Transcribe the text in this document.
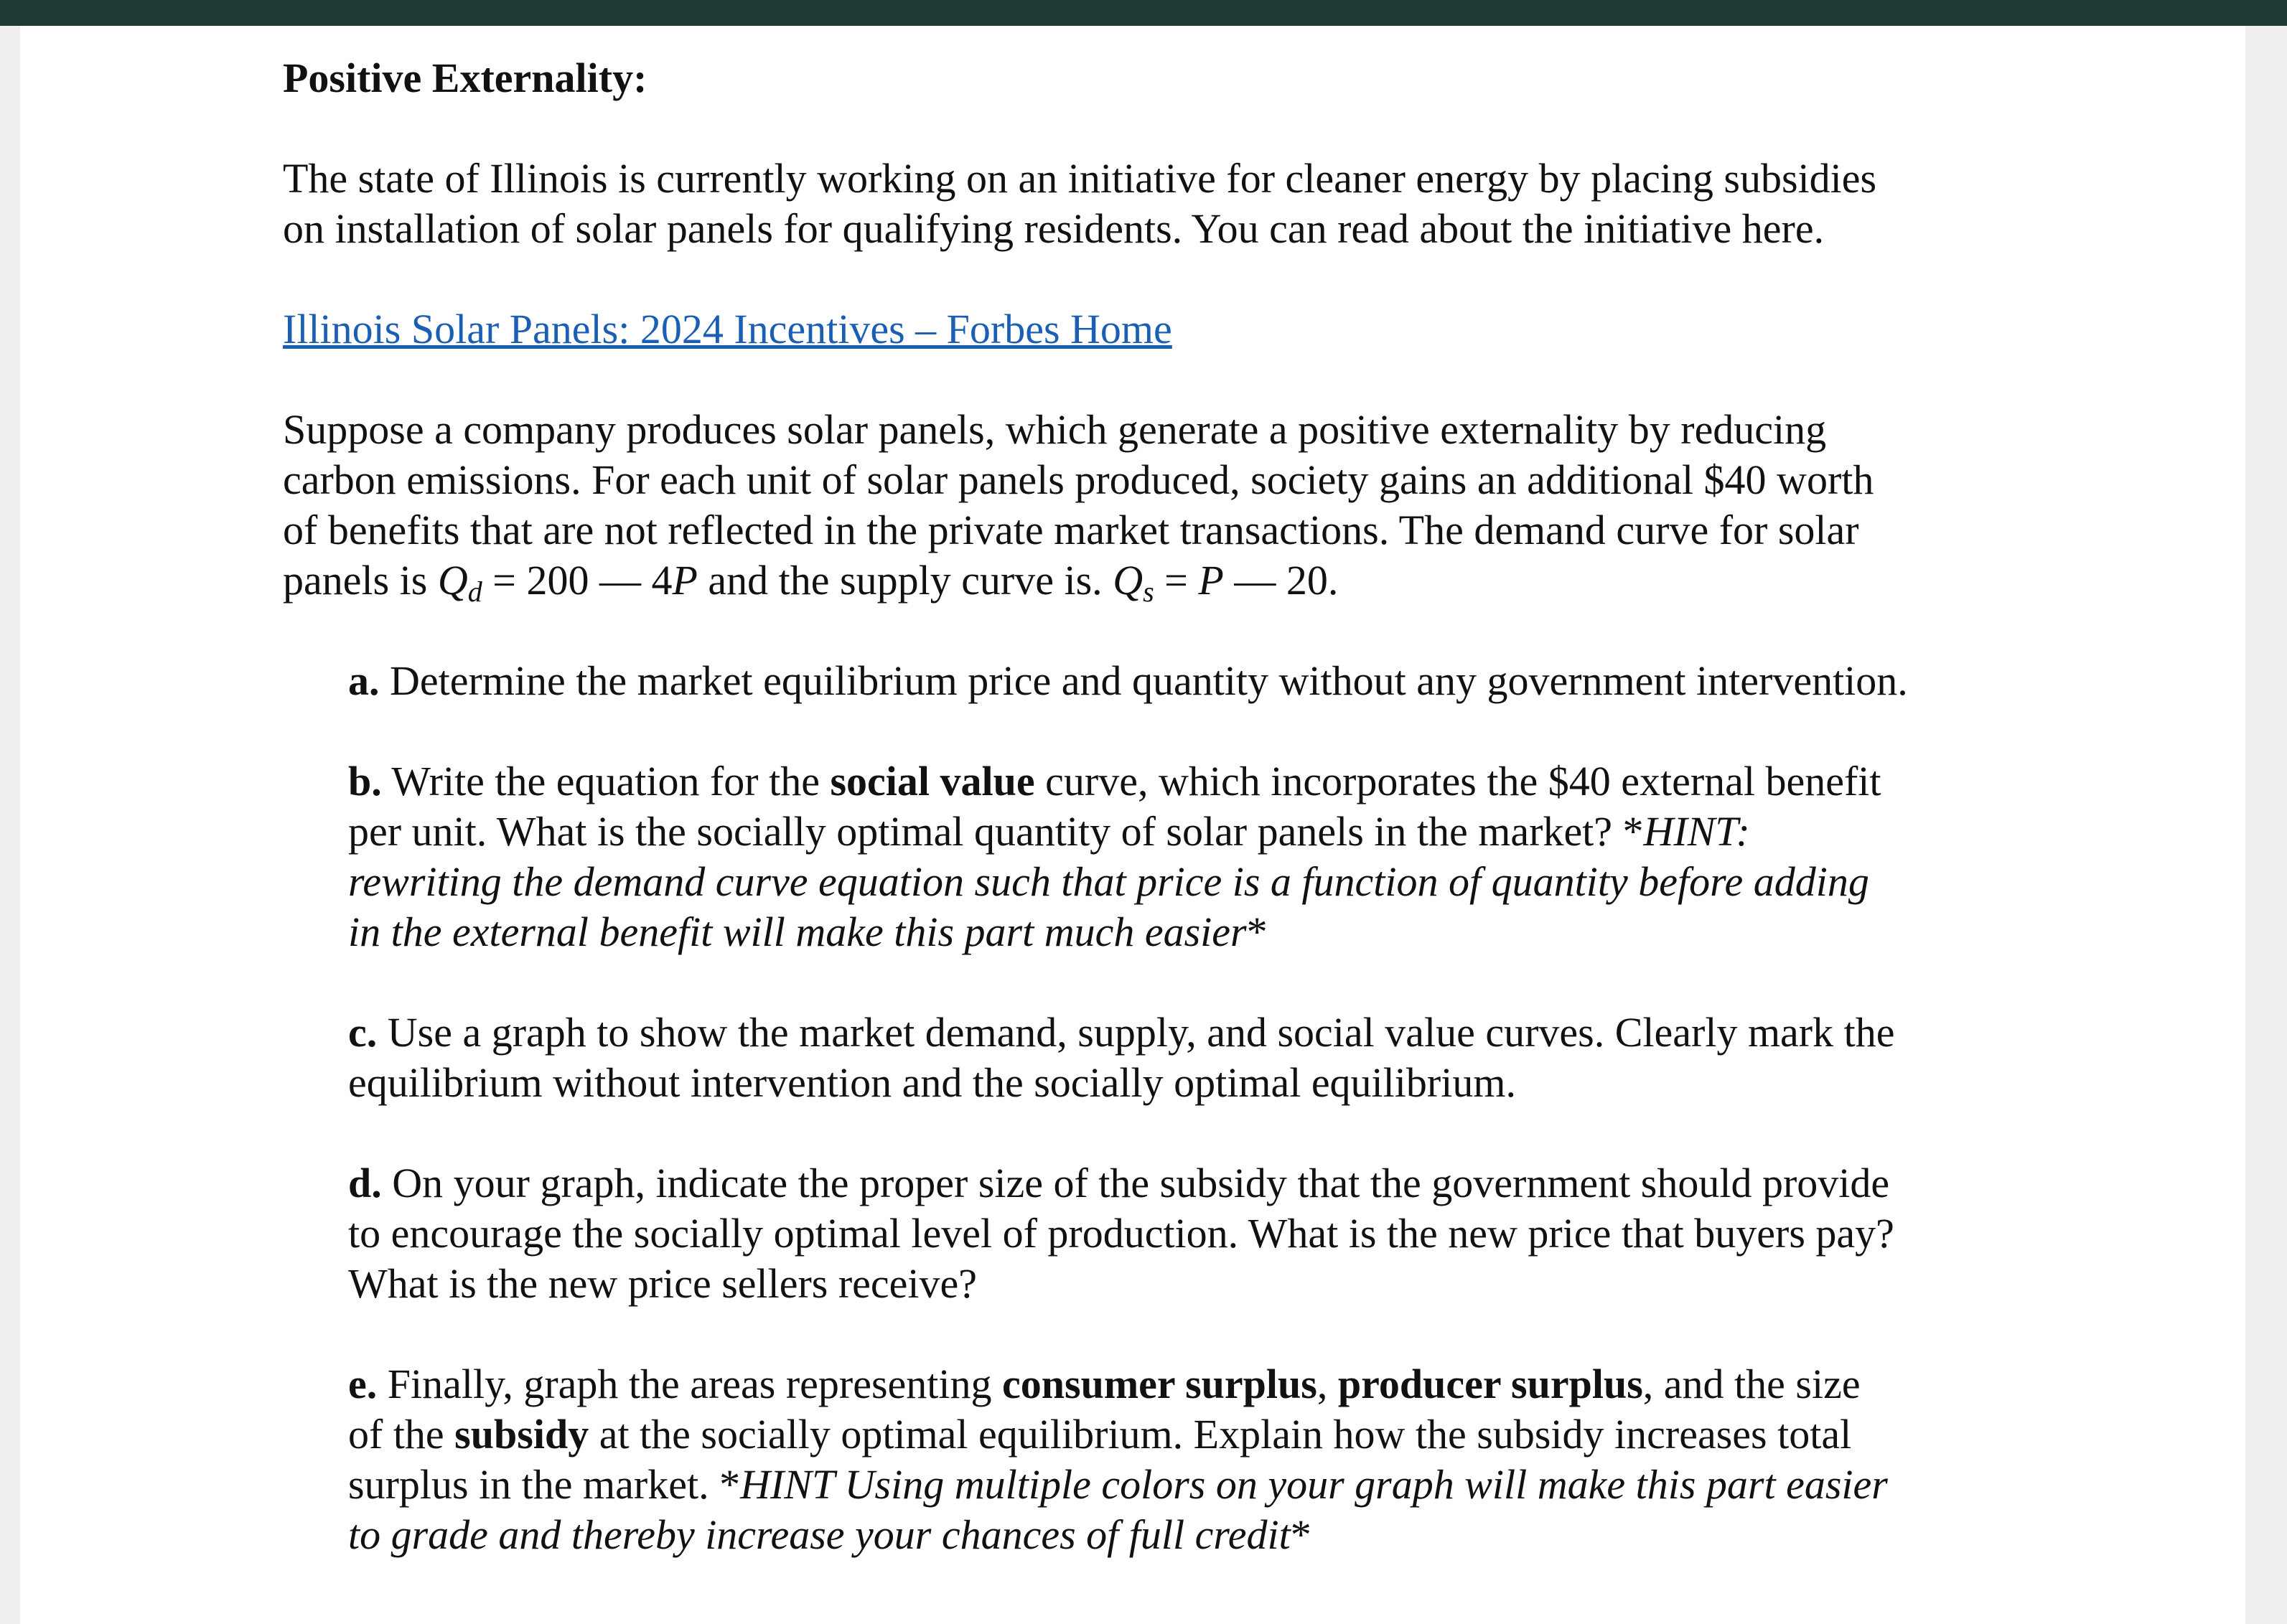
Positive Externality:

The state of Illinois is currently working on an initiative for cleaner energy by placing subsidies
on installation of solar panels for qualifying residents. You can read about the initiative here.

Illinois Solar Panels: 2024 Incentives – Forbes Home

Suppose a company produces solar panels, which generate a positive externality by reducing
carbon emissions. For each unit of solar panels produced, society gains an additional $40 worth
of benefits that are not reflected in the private market transactions. The demand curve for solar
panels is $Q_d = 200$ — 4P and the supply curve is. $Q_s = P$ — 20.

a. Determine the market equilibrium price and quantity without any government intervention.

b. Write the equation for the social value curve, which incorporates the $40 external benefit
per unit. What is the socially optimal quantity of solar panels in the market? *HINT:
rewriting the demand curve equation such that price is a function of quantity before adding
in the external benefit will make this part much easier*

c. Use a graph to show the market demand, supply, and social value curves. Clearly mark the
equilibrium without intervention and the socially optimal equilibrium.

d. On your graph, indicate the proper size of the subsidy that the government should provide
to encourage the socially optimal level of production. What is the new price that buyers pay?
What is the new price sellers receive?

e. Finally, graph the areas representing consumer surplus, producer surplus, and the size
of the subsidy at the socially optimal equilibrium. Explain how the subsidy increases total
surplus in the market. *HINT Using multiple colors on your graph will make this part easier
to grade and thereby increase your chances of full credit*
